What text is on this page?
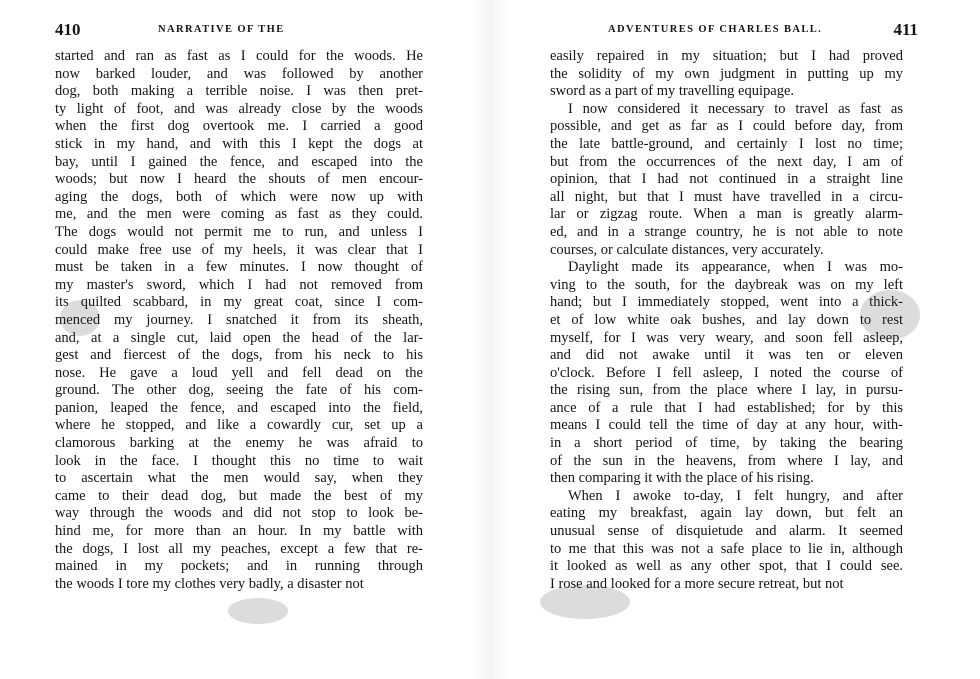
410	NARRATIVE OF THE
started and ran as fast as I could for the woods. He
now barked louder, and was followed by another
dog, both making a terrible noise. I was then pret-
ty light of foot, and was already close by the woods
when the first dog overtook me. I carried a good
stick in my hand, and with this I kept the dogs at
bay, until I gained the fence, and escaped into the
woods; but now I heard the shouts of men encour-
aging the dogs, both of which were now up with
me, and the men were coming as fast as they could.
The dogs would not permit me to run, and unless I
could make free use of my heels, it was clear that I
must be taken in a few minutes. I now thought of
my master's sword, which I had not removed from
its quilted scabbard, in my great coat, since I com-
menced my journey. I snatched it from its sheath,
and, at a single cut, laid open the head of the lar-
gest and fiercest of the dogs, from his neck to his
nose. He gave a loud yell and fell dead on the
ground. The other dog, seeing the fate of his com-
panion, leaped the fence, and escaped into the field,
where he stopped, and like a cowardly cur, set up a
clamorous barking at the enemy he was afraid to
look in the face. I thought this no time to wait
to ascertain what the men would say, when they
came to their dead dog, but made the best of my
way through the woods and did not stop to look be-
hind me, for more than an hour. In my battle with
the dogs, I lost all my peaches, except a few that re-
mained in my pockets; and in running through
the woods I tore my clothes very badly, a disaster not
ADVENTURES OF CHARLES BALL.	411
easily repaired in my situation; but I had proved
the solidity of my own judgment in putting up my
sword as a part of my travelling equipage.
I now considered it necessary to travel as fast as
possible, and get as far as I could before day, from
the late battle-ground, and certainly I lost no time;
but from the occurrences of the next day, I am of
opinion, that I had not continued in a straight line
all night, but that I must have travelled in a circu-
lar or zigzag route. When a man is greatly alarm-
ed, and in a strange country, he is not able to note
courses, or calculate distances, very accurately.
Daylight made its appearance, when I was mo-
ving to the south, for the daybreak was on my left
hand; but I immediately stopped, went into a thick-
et of low white oak bushes, and lay down to rest
myself, for I was very weary, and soon fell asleep,
and did not awake until it was ten or eleven
o'clock. Before I fell asleep, I noted the course of
the rising sun, from the place where I lay, in pursu-
ance of a rule that I had established; for by this
means I could tell the time of day at any hour, with-
in a short period of time, by taking the bearing
of the sun in the heavens, from where I lay, and
then comparing it with the place of his rising.
When I awoke to-day, I felt hungry, and after
eating my breakfast, again lay down, but felt an
unusual sense of disquietude and alarm. It seemed
to me that this was not a safe place to lie in, although
it looked as well as any other spot, that I could see.
I rose and looked for a more secure retreat, but not
